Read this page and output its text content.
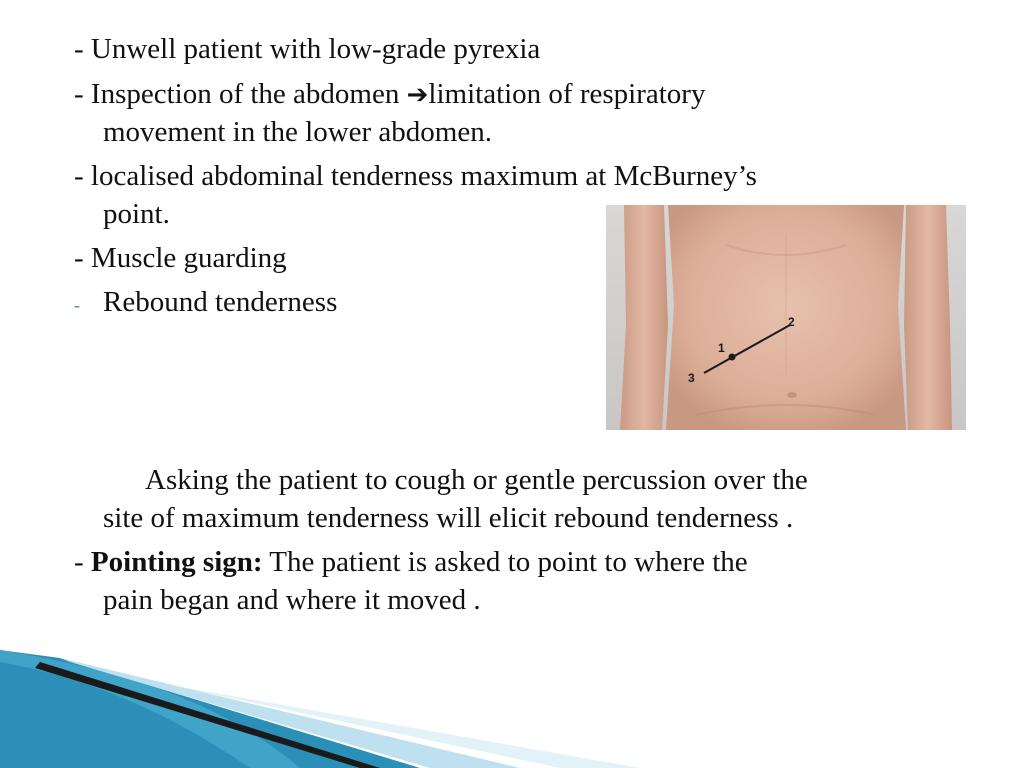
- Unwell patient with low-grade pyrexia
- Inspection of the abdomen ➔limitation of respiratory
movement in the lower abdomen.
- localised abdominal tenderness maximum at McBurney’s
point.
- Muscle guarding
- Rebound tenderness
1
2
3
Asking the patient to cough or gentle percussion over the
site of maximum tenderness will elicit rebound tenderness .
- Pointing sign: The patient is asked to point to where the
pain began and where it moved .
